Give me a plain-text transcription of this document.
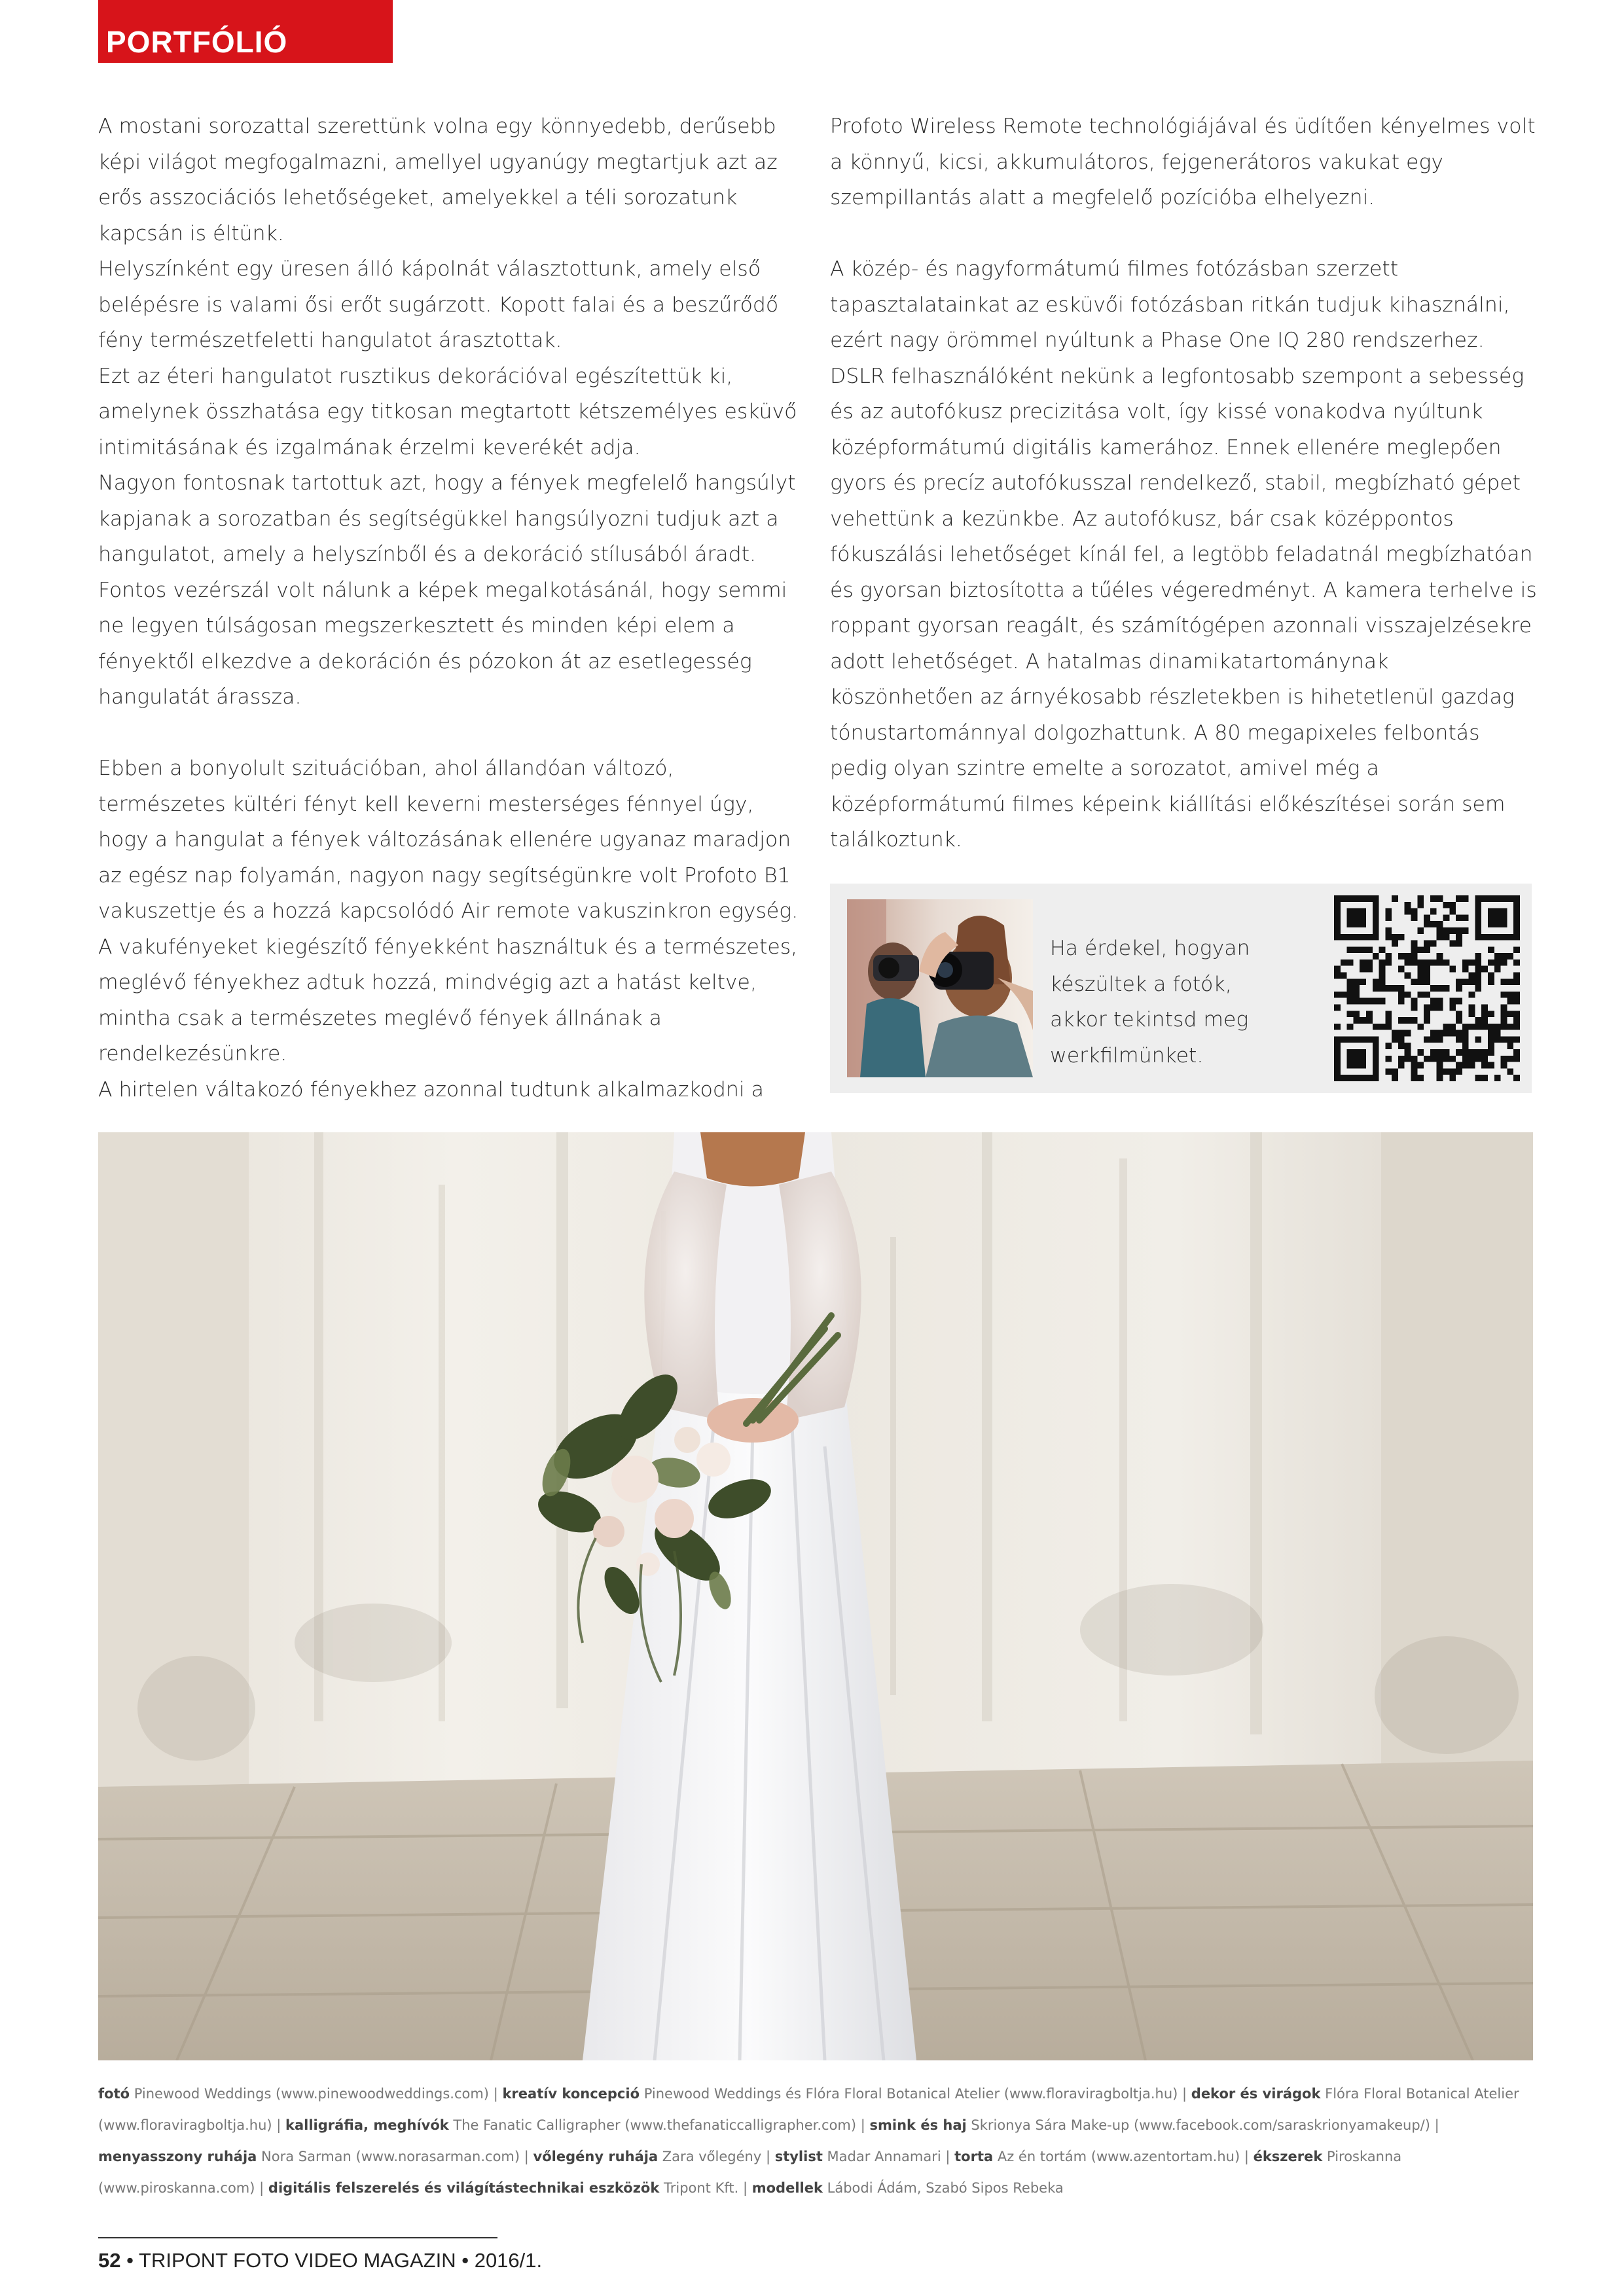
PORTFÓLIÓ

A mostani sorozattal szerettünk volna egy könnyedebb, derűsebb képi világot megfogalmazni, amellyel ugyanúgy megtartjuk azt az erős asszociációs lehetőségeket, amelyekkel a téli sorozatunk kapcsán is éltünk.

Helyszínként egy üresen álló kápolnát választottunk, amely első belépésre is valami ősi erőt sugárzott. Kopott falai és a beszűrődő fény természetfeletti hangulatot árasztottak.

Ezt az éteri hangulatot rusztikus dekorációval egészítettük ki, amelynek összhatása egy titkosan megtartott kétszemélyes esküvő intimitásának és izgalmának érzelmi keverékét adja.

Nagyon fontosnak tartottuk azt, hogy a fények megfelelő hangsúlyt kapjanak a sorozatban és segítségükkel hangsúlyozni tudjuk azt a hangulatot, amely a helyszínből és a dekoráció stílusából áradt. Fontos vezérszál volt nálunk a képek megalkotásánál, hogy semmi ne legyen túlságosan megszerkesztett és minden képi elem a fényektől elkezdve a dekoráción és pózokon át az esetlegesség hangulatát árassza.

Ebben a bonyolult szituációban, ahol állandóan változó, természetes kültéri fényt kell keverni mesterséges fénnyel úgy, hogy a hangulat a fények változásának ellenére ugyanaz maradjon az egész nap folyamán, nagyon nagy segítségünkre volt Profoto B1 vakuszettje és a hozzá kapcsolódó Air remote vakuszinkron egység. A vakufényeket kiegészítő fényekként használtuk és a természetes, meglévő fényekhez adtuk hozzá, mindvégig azt a hatást keltve, mintha csak a természetes meglévő fények állnának a rendelkezésünkre.

A hirtelen váltakozó fényekhez azonnal tudtunk alkalmazkodni a

Profoto Wireless Remote technológiájával és üdítően kényelmes volt a könnyű, kicsi, akkumulátoros, fejgenerátoros vakukat egy szempillantás alatt a megfelelő pozícióba elhelyezni.

A közép- és nagyformátumú filmes fotózásban szerzett tapasztalatainkat az esküvői fotózásban ritkán tudjuk kihasználni, ezért nagy örömmel nyúltunk a Phase One IQ 280 rendszerhez. DSLR felhasználóként nekünk a legfontosabb szempont a sebesség és az autofókusz precizitása volt, így kissé vonakodva nyúltunk középformátumú digitális kamerához. Ennek ellenére meglepően gyors és precíz autofókusszal rendelkező, stabil, megbízható gépet vehettünk a kezünkbe. Az autofókusz, bár csak középpontos fókuszálási lehetőséget kínál fel, a legtöbb feladatnál megbízhatóan és gyorsan biztosította a tűéles végeredményt. A kamera terhelve is roppant gyorsan reagált, és számítógépen azonnali visszajelzésekre adott lehetőséget. A hatalmas dinamikatartománynak köszönhetően az árnyékosabb részletekben is hihetetlenül gazdag tónustartománnyal dolgozhattunk. A 80 megapixeles felbontás pedig olyan szintre emelte a sorozatot, amivel még a középformátumú filmes képeink kiállítási előkészítései során sem találkoztunk.

Ha érdekel, hogyan készültek a fotók, akkor tekintsd meg werkfilmünket.
fotó Pinewood Weddings (www.pinewoodweddings.com) | kreatív koncepció Pinewood Weddings és Flóra Floral Botanical Atelier (www.floraviragboltja.hu) | dekor és virágok Flóra Floral Botanical Atelier (www.floraviragboltja.hu) | kalligráfia, meghívók The Fanatic Calligrapher (www.thefanaticcalligrapher.com) | smink és haj Skrionya Sára Make-up (www.facebook.com/saraskrionyamakeup/) | menyasszony ruhája Nora Sarman (www.norasarman.com) | vőlegény ruhája Zara vőlegény | stylist Madar Annamari | torta Az én tortám (www.azentortam.hu) | ékszerek Piroskanna (www.piroskanna.com) | digitális felszerelés és világítástechnikai eszközök Tripont Kft. | modellek Lábodi Ádám, Szabó Sipos Rebeka
52 • TRIPONT FOTO VIDEO MAGAZIN • 2016/1.
